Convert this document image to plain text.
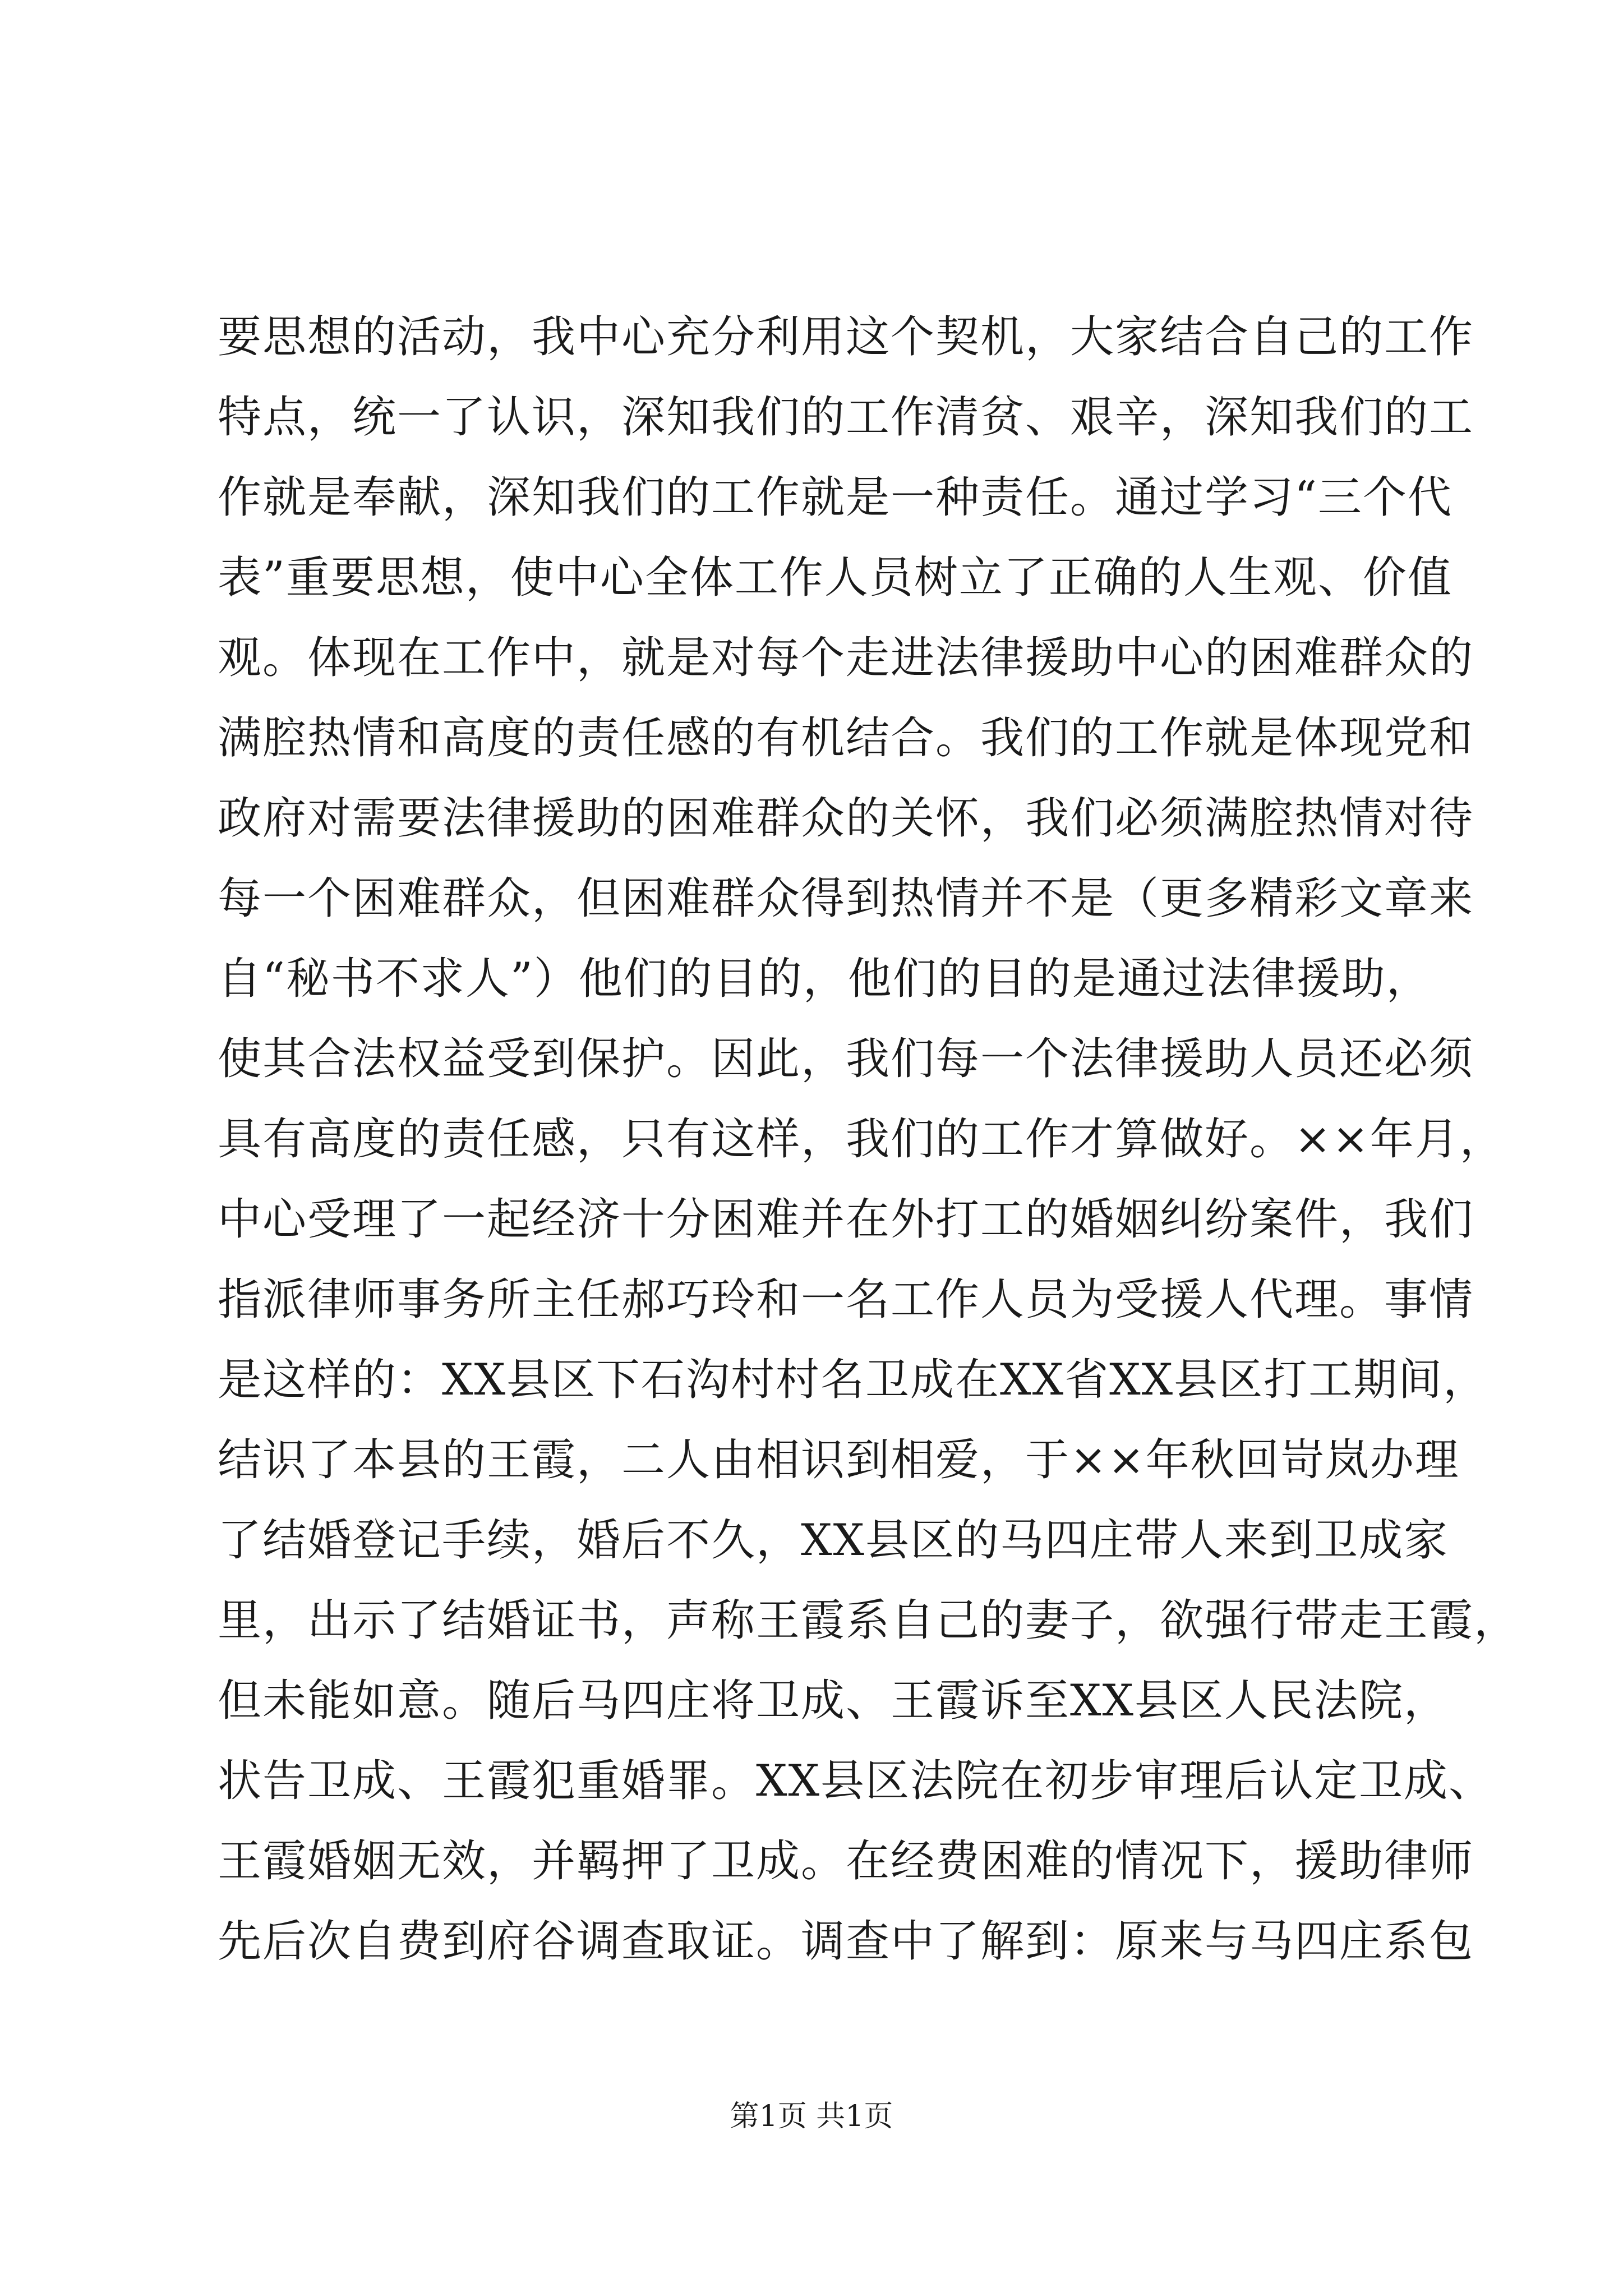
要思想的活动，我中心充分利用这个契机，大家结合自己的工作
特点，统一了认识，深知我们的工作清贫、艰辛，深知我们的工
作就是奉献，深知我们的工作就是一种责任。通过学习“三个代
表”重要思想，使中心全体工作人员树立了正确的人生观、价值
观。体现在工作中，就是对每个走进法律援助中心的困难群众的
满腔热情和高度的责任感的有机结合。我们的工作就是体现党和
政府对需要法律援助的困难群众的关怀，我们必须满腔热情对待
每一个困难群众，但困难群众得到热情并不是（更多精彩文章来
自“秘书不求人”）他们的目的，他们的目的是通过法律援助，
使其合法权益受到保护。因此，我们每一个法律援助人员还必须
具有高度的责任感，只有这样，我们的工作才算做好。××年月，
中心受理了一起经济十分困难并在外打工的婚姻纠纷案件，我们
指派律师事务所主任郝巧玲和一名工作人员为受援人代理。事情
是这样的：XX县区下石沟村村名卫成在XX省XX县区打工期间，
结识了本县的王霞，二人由相识到相爱，于××年秋回岢岚办理
了结婚登记手续，婚后不久，XX县区的马四庄带人来到卫成家
里，出示了结婚证书，声称王霞系自己的妻子，欲强行带走王霞，
但未能如意。随后马四庄将卫成、王霞诉至XX县区人民法院，
状告卫成、王霞犯重婚罪。XX县区法院在初步审理后认定卫成、
王霞婚姻无效，并羁押了卫成。在经费困难的情况下，援助律师
先后次自费到府谷调查取证。调查中了解到：原来与马四庄系包
第1页 共1页
